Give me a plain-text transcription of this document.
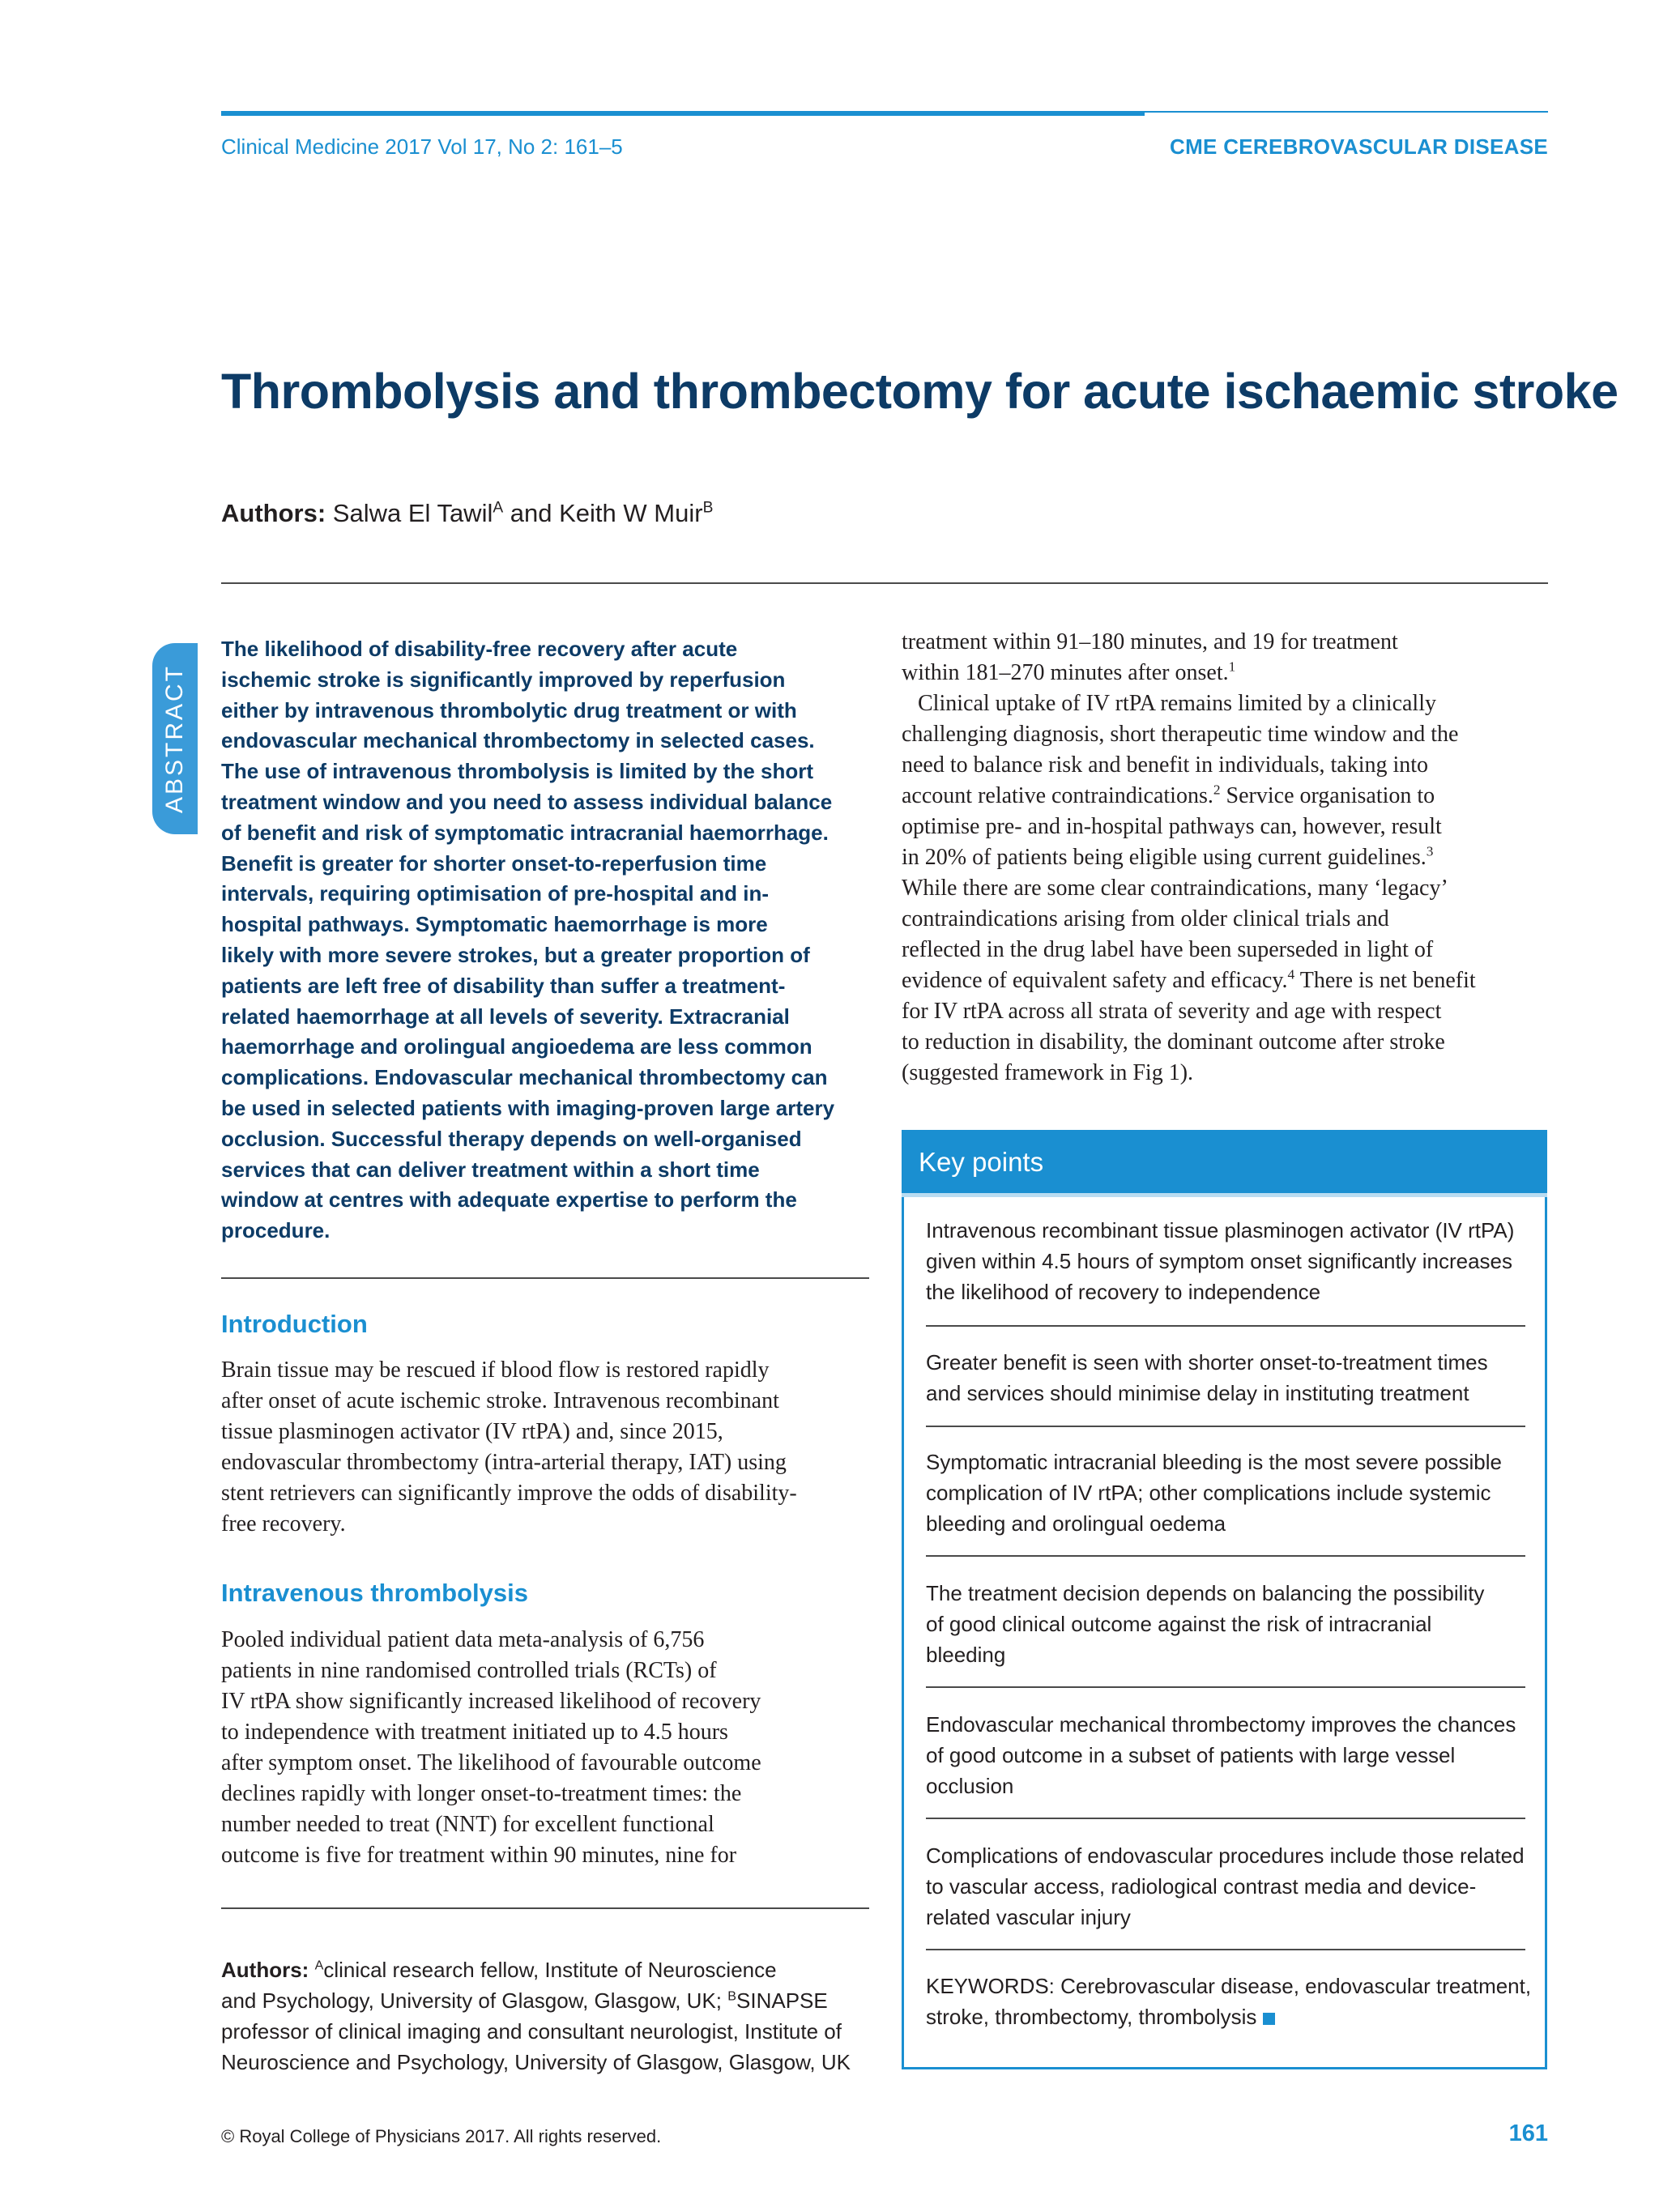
Clinical Medicine 2017 Vol 17, No 2: 161–5	CME CEREBROVASCULAR DISEASE
Thrombolysis and thrombectomy for acute ischaemic stroke
Authors: Salwa El Tawil$^A$ and Keith W Muir$^B$
ABSTRACT
The likelihood of disability-free recovery after acute
ischemic stroke is significantly improved by reperfusion
either by intravenous thrombolytic drug treatment or with
endovascular mechanical thrombectomy in selected cases.
The use of intravenous thrombolysis is limited by the short
treatment window and you need to assess individual balance
of benefit and risk of symptomatic intracranial haemorrhage.
Benefit is greater for shorter onset-to-reperfusion time
intervals, requiring optimisation of pre-hospital and in-
hospital pathways. Symptomatic haemorrhage is more
likely with more severe strokes, but a greater proportion of
patients are left free of disability than suffer a treatment-
related haemorrhage at all levels of severity. Extracranial
haemorrhage and orolingual angioedema are less common
complications. Endovascular mechanical thrombectomy can
be used in selected patients with imaging-proven large artery
occlusion. Successful therapy depends on well-organised
services that can deliver treatment within a short time
window at centres with adequate expertise to perform the
procedure.
Introduction
Brain tissue may be rescued if blood flow is restored rapidly
after onset of acute ischemic stroke. Intravenous recombinant
tissue plasminogen activator (IV rtPA) and, since 2015,
endovascular thrombectomy (intra-arterial therapy, IAT) using
stent retrievers can significantly improve the odds of disability-
free recovery.
Intravenous thrombolysis
Pooled individual patient data meta-analysis of 6,756
patients in nine randomised controlled trials (RCTs) of
IV rtPA show significantly increased likelihood of recovery
to independence with treatment initiated up to 4.5 hours
after symptom onset. The likelihood of favourable outcome
declines rapidly with longer onset-to-treatment times: the
number needed to treat (NNT) for excellent functional
outcome is five for treatment within 90 minutes, nine for
Authors: $^A$clinical research fellow, Institute of Neuroscience
and Psychology, University of Glasgow, Glasgow, UK; $^B$SINAPSE
professor of clinical imaging and consultant neurologist, Institute of
Neuroscience and Psychology, University of Glasgow, Glasgow, UK
treatment within 91–180 minutes, and 19 for treatment
within 181–270 minutes after onset.$^1$
Clinical uptake of IV rtPA remains limited by a clinically
challenging diagnosis, short therapeutic time window and the
need to balance risk and benefit in individuals, taking into
account relative contraindications.$^2$ Service organisation to
optimise pre- and in-hospital pathways can, however, result
in 20% of patients being eligible using current guidelines.$^3$
While there are some clear contraindications, many ‘legacy’
contraindications arising from older clinical trials and
reflected in the drug label have been superseded in light of
evidence of equivalent safety and efficacy.$^4$ There is net benefit
for IV rtPA across all strata of severity and age with respect
to reduction in disability, the dominant outcome after stroke
(suggested framework in Fig 1).
Key points
Intravenous recombinant tissue plasminogen activator (IV rtPA)
given within 4.5 hours of symptom onset significantly increases
the likelihood of recovery to independence
Greater benefit is seen with shorter onset-to-treatment times
and services should minimise delay in instituting treatment
Symptomatic intracranial bleeding is the most severe possible
complication of IV rtPA; other complications include systemic
bleeding and orolingual oedema
The treatment decision depends on balancing the possibility
of good clinical outcome against the risk of intracranial
bleeding
Endovascular mechanical thrombectomy improves the chances
of good outcome in a subset of patients with large vessel
occlusion
Complications of endovascular procedures include those related
to vascular access, radiological contrast media and device-
related vascular injury
KEYWORDS: Cerebrovascular disease, endovascular treatment,
stroke, thrombectomy, thrombolysis
© Royal College of Physicians 2017. All rights reserved.	161
